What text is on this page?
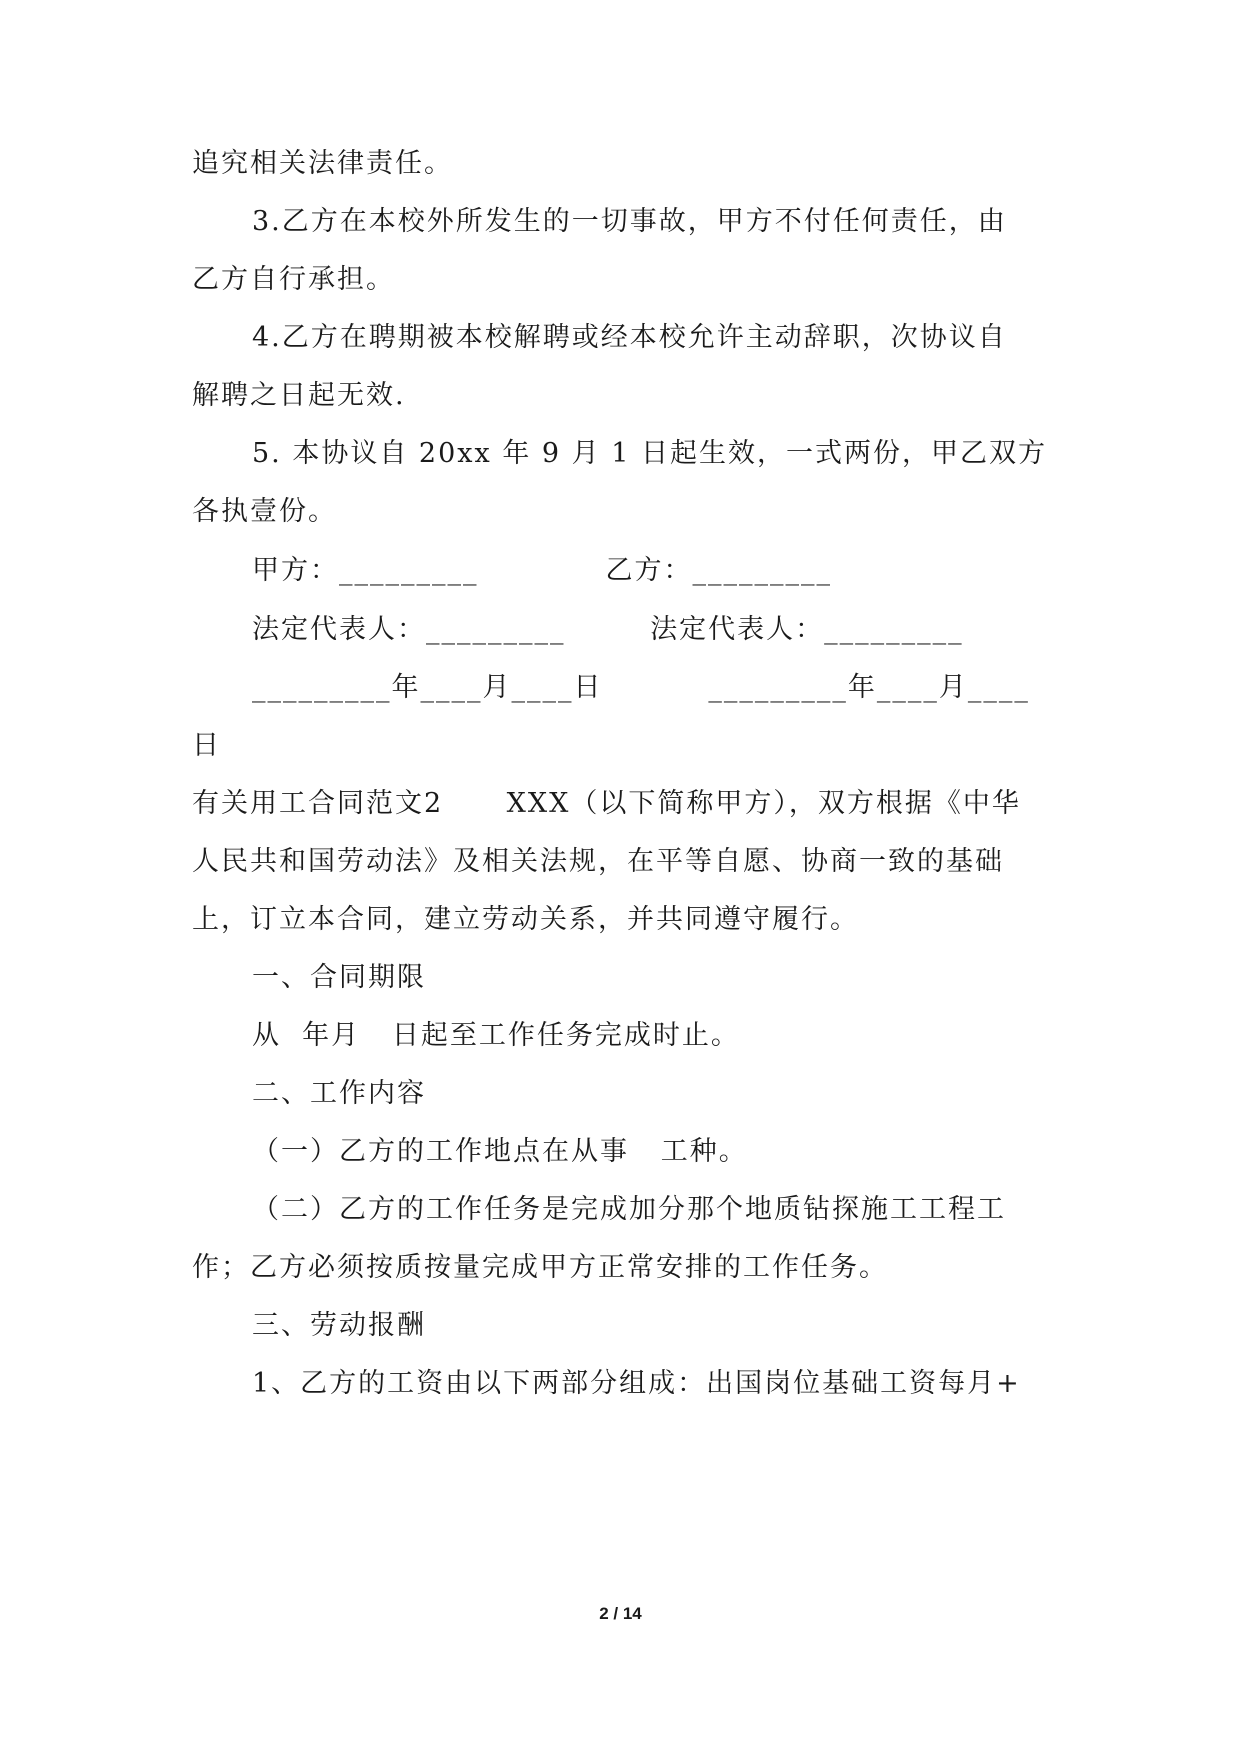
追究相关法律责任。
3.乙方在本校外所发生的一切事故，甲方不付任何责任，由
乙方自行承担。
4.乙方在聘期被本校解聘或经本校允许主动辞职，次协议自
解聘之日起无效.
5. 本协议自 20xx 年 9 月 1 日起生效，一式两份，甲乙双方
各执壹份。
甲方：_________            乙方：_________
法定代表人：_________        法定代表人：_________
_________年____月____日          _________年____月____
日
有关用工合同范文2      XXX（以下简称甲方），双方根据《中华
人民共和国劳动法》及相关法规，在平等自愿、协商一致的基础
上，订立本合同，建立劳动关系，并共同遵守履行。
一、合同期限
从  年月   日起至工作任务完成时止。
二、工作内容
（一）乙方的工作地点在从事   工种。
（二）乙方的工作任务是完成加分那个地质钻探施工工程工
作；乙方必须按质按量完成甲方正常安排的工作任务。
三、劳动报酬
1、乙方的工资由以下两部分组成：出国岗位基础工资每月+
2 / 14
